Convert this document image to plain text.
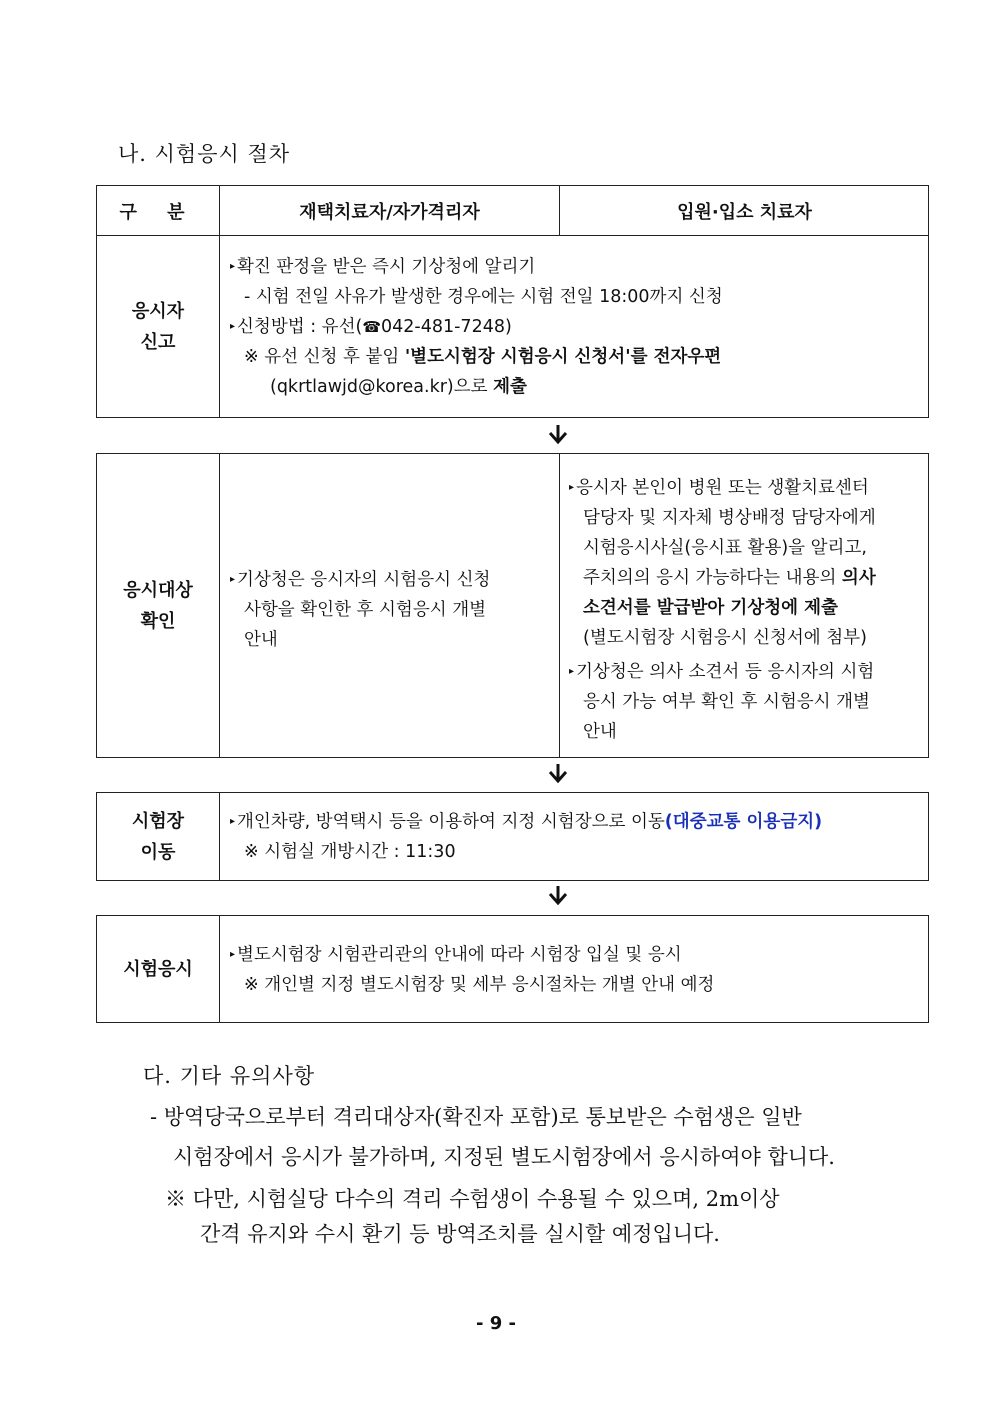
나. 시험응시 절차
구 분	재택치료자/자가격리자	입원·입소 치료자
응시자
신고
▸ 확진 판정을 받은 즉시 기상청에 알리기
- 시험 전일 사유가 발생한 경우에는 시험 전일 18:00까지 신청
▸ 신청방법 : 유선(☎042-481-7248)
※ 유선 신청 후 붙임 '별도시험장 시험응시 신청서'를 전자우편
(qkrtlawjd@korea.kr)으로 제출
응시대상
확인
▸ 기상청은 응시자의 시험응시 신청
사항을 확인한 후 시험응시 개별
안내
▸ 응시자 본인이 병원 또는 생활치료센터
담당자 및 지자체 병상배정 담당자에게
시험응시사실(응시표 활용)을 알리고,
주치의의 응시 가능하다는 내용의 의사
소견서를 발급받아 기상청에 제출
(별도시험장 시험응시 신청서에 첨부)
▸ 기상청은 의사 소견서 등 응시자의 시험
응시 가능 여부 확인 후 시험응시 개별
안내
시험장
이동
▸ 개인차량, 방역택시 등을 이용하여 지정 시험장으로 이동(대중교통 이용금지)
※ 시험실 개방시간 : 11:30
시험응시
▸ 별도시험장 시험관리관의 안내에 따라 시험장 입실 및 응시
※ 개인별 지정 별도시험장 및 세부 응시절차는 개별 안내 예정
다. 기타 유의사항
- 방역당국으로부터 격리대상자(확진자 포함)로 통보받은 수험생은 일반
시험장에서 응시가 불가하며, 지정된 별도시험장에서 응시하여야 합니다.
※ 다만, 시험실당 다수의 격리 수험생이 수용될 수 있으며, 2m이상
간격 유지와 수시 환기 등 방역조치를 실시할 예정입니다.
- 9 -
